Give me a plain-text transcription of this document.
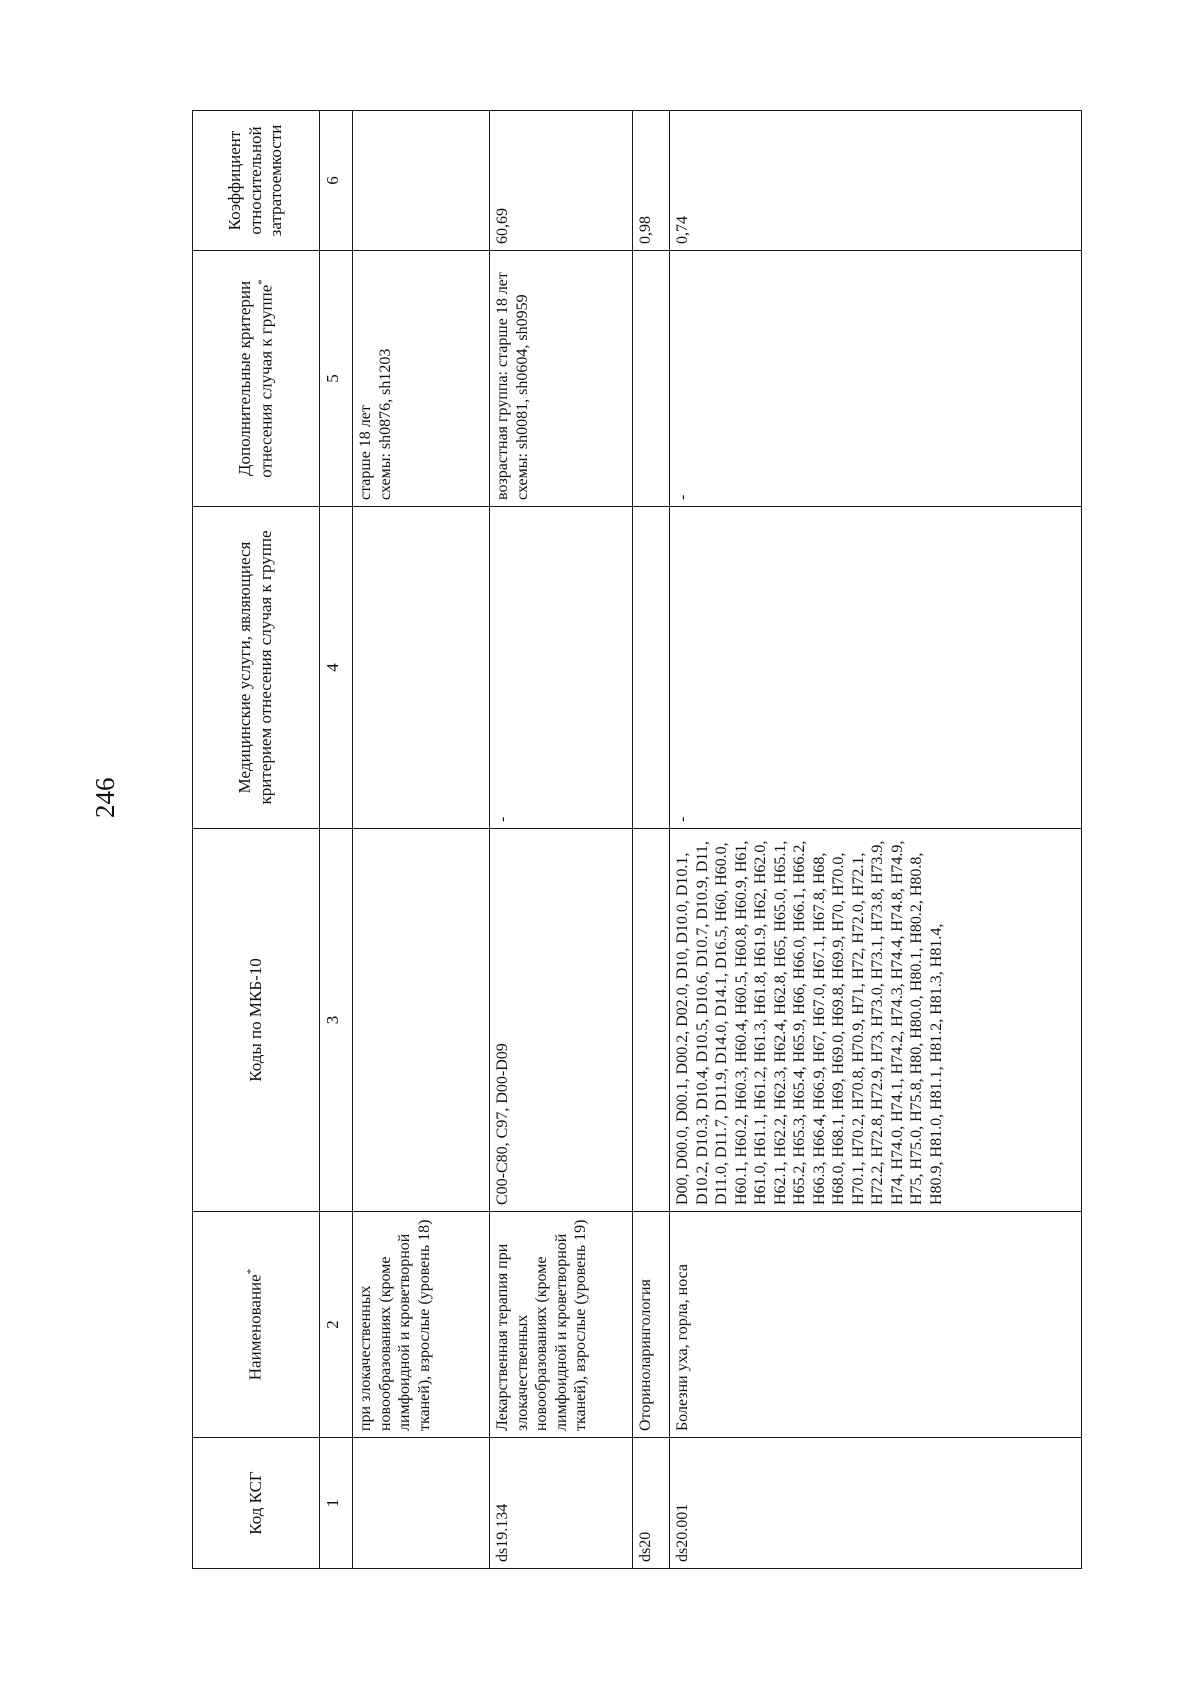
246
Код КСГ	Наименование*	Коды по МКБ-10	Медицинские услуги, являющиеся критерием отнесения случая к группе	Дополнительные критерии отнесения случая к группе*	Коэффициент относительной затратоемкости
1	2	3	4	5	6
	при злокачественных новообразованиях (кроме лимфоидной и кроветворной тканей), взрослые (уровень 18)			старше 18 лет
схемы: sh0876, sh1203	
ds19.134	Лекарственная терапия при злокачественных новообразованиях (кроме лимфоидной и кроветворной тканей), взрослые (уровень 19)	C00-C80, C97, D00-D09	-	возрастная группа: старше 18 лет
схемы: sh0081, sh0604, sh0959	60,69
ds20	Оториноларингология				0,98
ds20.001	Болезни уха, горла, носа	D00, D00.0, D00.1, D00.2, D02.0, D10, D10.0, D10.1, D10.2, D10.3, D10.4, D10.5, D10.6, D10.7, D10.9, D11, D11.0, D11.7, D11.9, D14.0, D14.1, D16.5, H60, H60.0, H60.1, H60.2, H60.3, H60.4, H60.5, H60.8, H60.9, H61, H61.0, H61.1, H61.2, H61.3, H61.8, H61.9, H62, H62.0, H62.1, H62.2, H62.3, H62.4, H62.8, H65, H65.0, H65.1, H65.2, H65.3, H65.4, H65.9, H66, H66.0, H66.1, H66.2, H66.3, H66.4, H66.9, H67, H67.0, H67.1, H67.8, H68, H68.0, H68.1, H69, H69.0, H69.8, H69.9, H70, H70.0, H70.1, H70.2, H70.8, H70.9, H71, H72, H72.0, H72.1, H72.2, H72.8, H72.9, H73, H73.0, H73.1, H73.8, H73.9, H74, H74.0, H74.1, H74.2, H74.3, H74.4, H74.8, H74.9, H75, H75.0, H75.8, H80, H80.0, H80.1, H80.2, H80.8, H80.9, H81.0, H81.1, H81.2, H81.3, H81.4,	-	-	0,74
